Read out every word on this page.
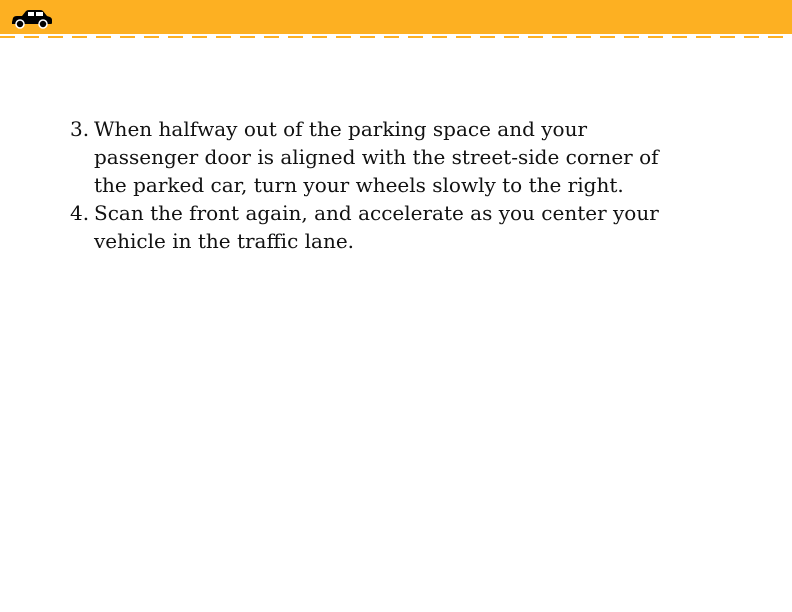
3. When halfway out of the parking space and your passenger door is aligned with the street-side corner of the parked car, turn your wheels slowly to the right.
4. Scan the front again, and accelerate as you center your vehicle in the traffic lane.
